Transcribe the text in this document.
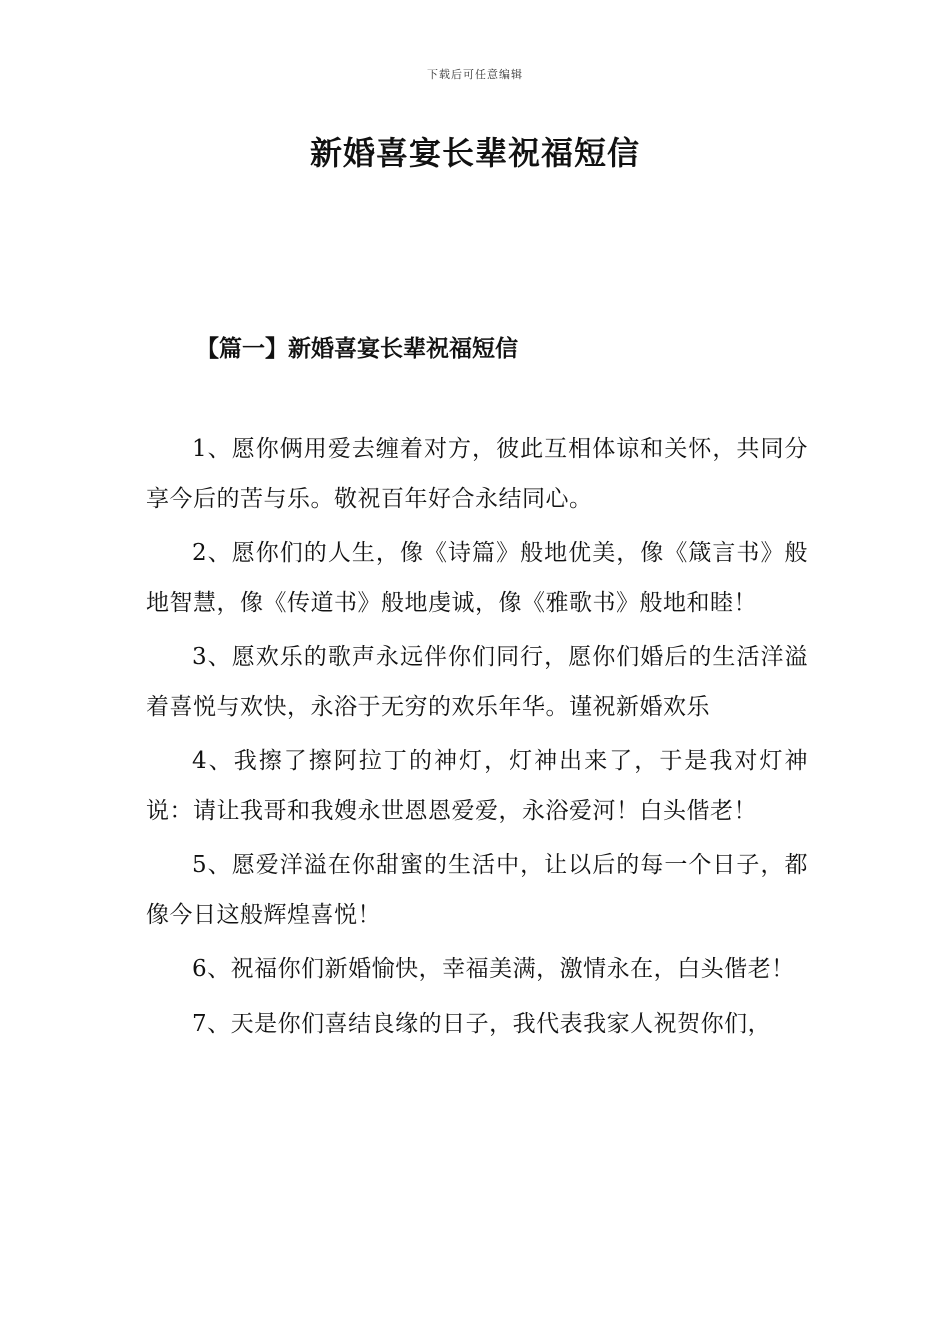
下载后可任意编辑
新婚喜宴长辈祝福短信
【篇一】新婚喜宴长辈祝福短信

1、愿你俩用爱去缠着对方，彼此互相体谅和关怀，共同分享今后的苦与乐。敬祝百年好合永结同心。

2、愿你们的人生，像《诗篇》般地优美，像《箴言书》般地智慧，像《传道书》般地虔诚，像《雅歌书》般地和睦！

3、愿欢乐的歌声永远伴你们同行，愿你们婚后的生活洋溢着喜悦与欢快，永浴于无穷的欢乐年华。谨祝新婚欢乐

4、我擦了擦阿拉丁的神灯，灯神出来了，于是我对灯神说：请让我哥和我嫂永世恩恩爱爱，永浴爱河！白头偕老！

5、愿爱洋溢在你甜蜜的生活中，让以后的每一个日子，都像今日这般辉煌喜悦！

6、祝福你们新婚愉快，幸福美满，激情永在，白头偕老！

7、天是你们喜结良缘的日子，我代表我家人祝贺你们，
